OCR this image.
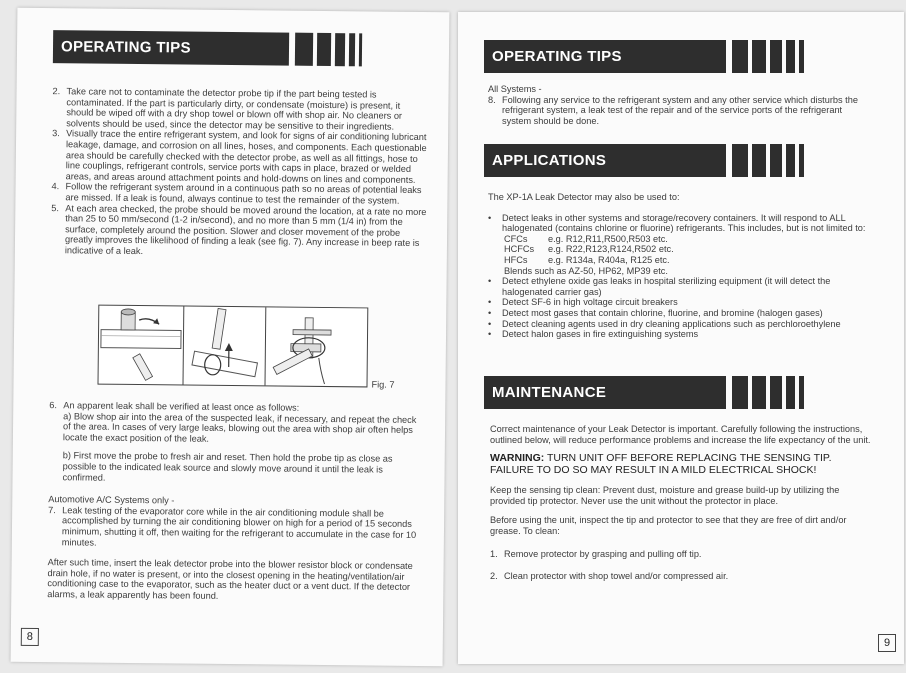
OPERATING TIPS
2. Take care not to contaminate the detector probe tip if the part being tested is contaminated. If the part is particularly dirty, or condensate (moisture) is present, it should be wiped off with a dry shop towel or blown off with shop air. No cleaners or solvents should be used, since the detector may be sensitive to their ingredients.
3. Visually trace the entire refrigerant system, and look for signs of air conditioning lubricant leakage, damage, and corrosion on all lines, hoses, and components. Each questionable area should be carefully checked with the detector probe, as well as all fittings, hose to line couplings, refrigerant controls, service ports with caps in place, brazed or welded areas, and areas around attachment points and hold-downs on lines and components.
4. Follow the refrigerant system around in a continuous path so no areas of potential leaks are missed. If a leak is found, always continue to test the remainder of the system.
5. At each area checked, the probe should be moved around the location, at a rate no more than 25 to 50 mm/second (1-2 in/second), and no more than 5 mm (1/4 in) from the surface, completely around the position. Slower and closer movement of the probe greatly improves the likelihood of finding a leak (see fig. 7). Any increase in beep rate is indicative of a leak.
Fig. 7
6. An apparent leak shall be verified at least once as follows:

a) Blow shop air into the area of the suspected leak, if necessary, and repeat the check of the area. In cases of very large leaks, blowing out the area with shop air often helps locate the exact position of the leak.

b) First move the probe to fresh air and reset. Then hold the probe tip as close as possible to the indicated leak source and slowly move around it until the leak is confirmed.

Automotive A/C Systems only -

7. Leak testing of the evaporator core while in the air conditioning module shall be accomplished by turning the air conditioning blower on high for a period of 15 seconds minimum, shutting it off, then waiting for the refrigerant to accumulate in the case for 10 minutes.

After such time, insert the leak detector probe into the blower resistor block or condensate drain hole, if no water is present, or into the closest opening in the heating/ventilation/air conditioning case to the evaporator, such as the heater duct or a vent duct. If the detector alarms, a leak apparently has been found.

8
OPERATING TIPS

All Systems -

8. Following any service to the refrigerant system and any other service which disturbs the refrigerant system, a leak test of the repair and of the service ports of the refrigerant system should be done.
APPLICATIONS

The XP-1A Leak Detector may also be used to:

•	Detect leaks in other systems and storage/recovery containers. It will respond to ALL halogenated (contains chlorine or fluorine) refrigerants. This includes, but is not limited to:
CFCs	e.g. R12,R11,R500,R503 etc.
HCFCs	e.g. R22,R123,R124,R502 etc.
HFCs	e.g. R134a, R404a, R125 etc.

Blends such as AZ-50, HP62, MP39 etc.

•	Detect ethylene oxide gas leaks in hospital sterilizing equipment (it will detect the halogenated carrier gas)
•	Detect SF-6 in high voltage circuit breakers
•	Detect most gases that contain chlorine, fluorine, and bromine (halogen gases)
•	Detect cleaning agents used in dry cleaning applications such as perchloroethylene
•	Detect halon gases in fire extinguishing systems
MAINTENANCE

Correct maintenance of your Leak Detector is important. Carefully following the instructions, outlined below, will reduce performance problems and increase the life expectancy of the unit.

WARNING: TURN UNIT OFF BEFORE REPLACING THE SENSING TIP. FAILURE TO DO SO MAY RESULT IN A MILD ELECTRICAL SHOCK!

Keep the sensing tip clean: Prevent dust, moisture and grease build-up by utilizing the provided tip protector. Never use the unit without the protector in place.

Before using the unit, inspect the tip and protector to see that they are free of dirt and/or grease. To clean:

1. Remove protector by grasping and pulling off tip.
2. Clean protector with shop towel and/or compressed air.
9
